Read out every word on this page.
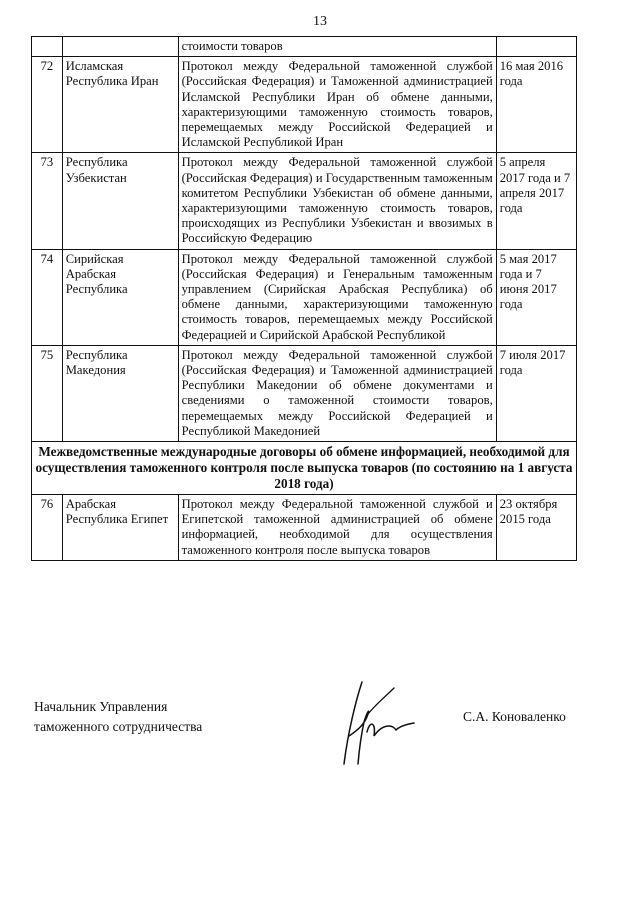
13
		стоимости товаров	
72	Исламская Республика Иран	Протокол между Федеральной таможенной службой (Российская Федерация) и Таможенной администрацией Исламской Республики Иран об обмене данными, характеризующими таможенную стоимость товаров, перемещаемых между Российской Федерацией и Исламской Республикой Иран	16 мая 2016 года
73	Республика Узбекистан	Протокол между Федеральной таможенной службой (Российская Федерация) и Государственным таможенным комитетом Республики Узбекистан об обмене данными, характеризующими таможенную стоимость товаров, происходящих из Республики Узбекистан и ввозимых в Российскую Федерацию	5 апреля 2017 года и 7 апреля 2017 года
74	Сирийская Арабская Республика	Протокол между Федеральной таможенной службой (Российская Федерация) и Генеральным таможенным управлением (Сирийская Арабская Республика) об обмене данными, характеризующими таможенную стоимость товаров, перемещаемых между Российской Федерацией и Сирийской Арабской Республикой	5 мая 2017 года и 7 июня 2017 года
75	Республика Македония	Протокол между Федеральной таможенной службой (Российская Федерация) и Таможенной администрацией Республики Македонии об обмене документами и сведениями о таможенной стоимости товаров, перемещаемых между Российской Федерацией и Республикой Македонией	7 июля 2017 года
Межведомственные международные договоры об обмене информацией, необходимой для осуществления таможенного контроля после выпуска товаров (по состоянию на 1 августа 2018 года)			
76	Арабская Республика Египет	Протокол между Федеральной таможенной службой и Египетской таможенной администрацией об обмене информацией, необходимой для осуществления таможенного контроля после выпуска товаров	23 октября 2015 года
Начальник Управления
таможенного сотрудничества
С.А. Коноваленко
